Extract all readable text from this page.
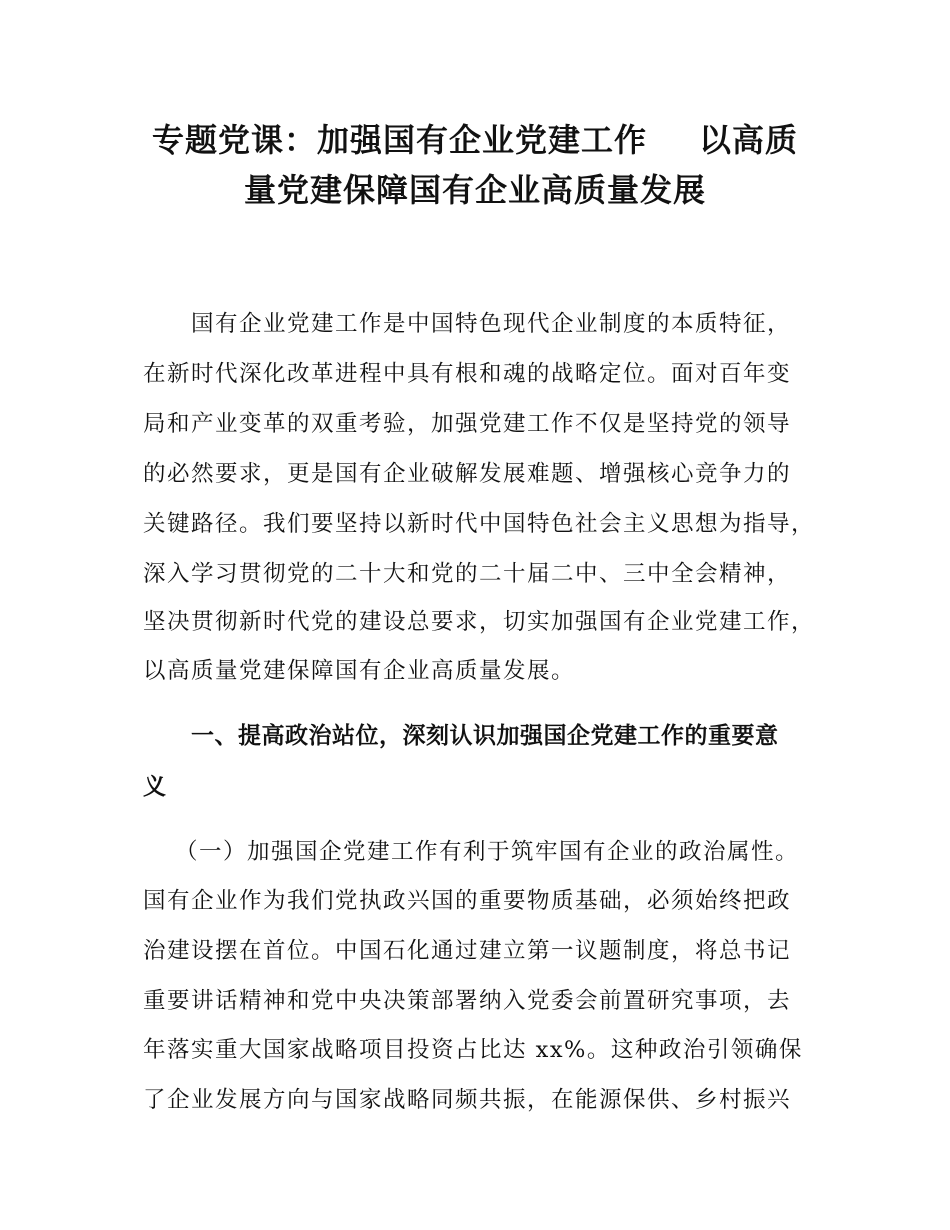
专题党课：加强国有企业党建工作 以高质
量党建保障国有企业高质量发展
国有企业党建工作是中国特色现代企业制度的本质特征，
在新时代深化改革进程中具有根和魂的战略定位。面对百年变
局和产业变革的双重考验，加强党建工作不仅是坚持党的领导
的必然要求，更是国有企业破解发展难题、增强核心竞争力的
关键路径。我们要坚持以新时代中国特色社会主义思想为指导，
深入学习贯彻党的二十大和党的二十届二中、三中全会精神，
坚决贯彻新时代党的建设总要求，切实加强国有企业党建工作，
以高质量党建保障国有企业高质量发展。
一、提高政治站位，深刻认识加强国企党建工作的重要意
义
（一）加强国企党建工作有利于筑牢国有企业的政治属性。
国有企业作为我们党执政兴国的重要物质基础，必须始终把政
治建设摆在首位。中国石化通过建立第一议题制度，将总书记
重要讲话精神和党中央决策部署纳入党委会前置研究事项，去
年落实重大国家战略项目投资占比达 xx%。这种政治引领确保
了企业发展方向与国家战略同频共振，在能源保供、乡村振兴
